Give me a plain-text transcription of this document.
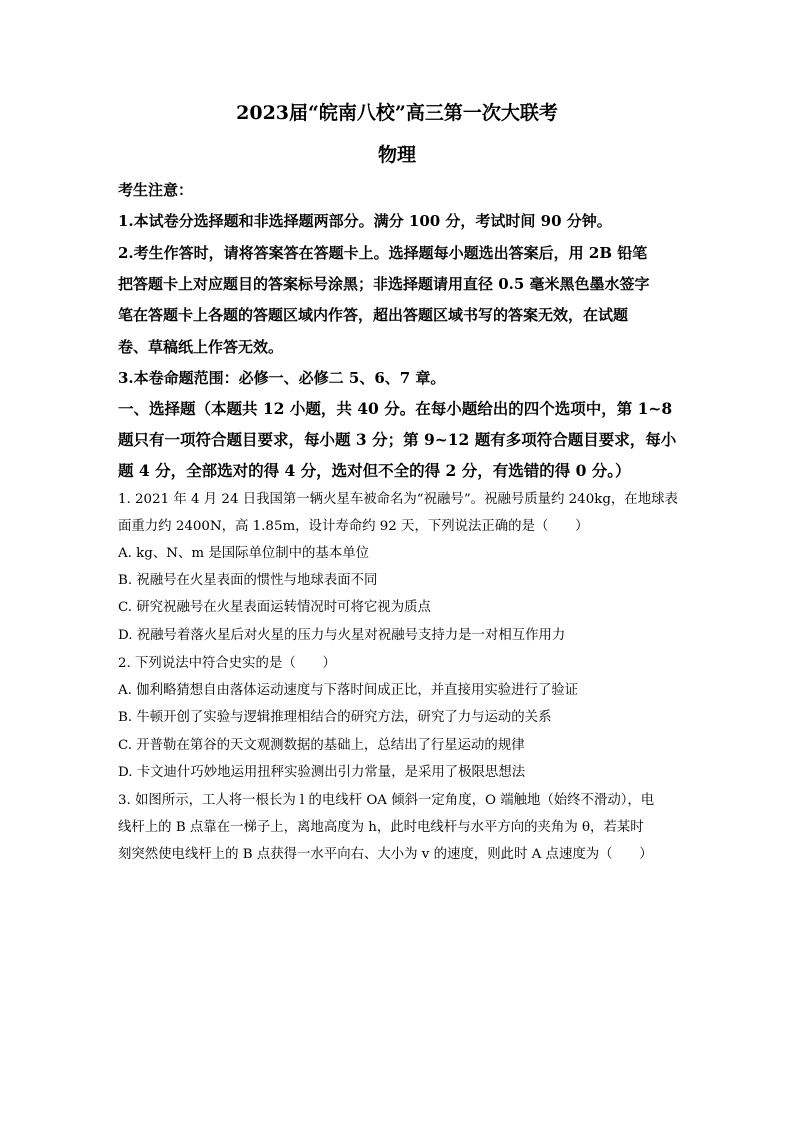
2023届“皖南八校”高三第一次大联考
物理
考生注意：
1.本试卷分选择题和非选择题两部分。满分 100 分，考试时间 90 分钟。
2.考生作答时，请将答案答在答题卡上。选择题每小题选出答案后，用 2B 铅笔
把答题卡上对应题目的答案标号涂黑；非选择题请用直径 0.5 毫米黑色墨水签字
笔在答题卡上各题的答题区域内作答，超出答题区域书写的答案无效，在试题
卷、草稿纸上作答无效。
3.本卷命题范围：必修一、必修二 5、6、7 章。
一、选择题（本题共 12 小题，共 40 分。在每小题给出的四个选项中，第 1~8
题只有一项符合题目要求，每小题 3 分；第 9~12 题有多项符合题目要求，每小
题 4 分，全部选对的得 4 分，选对但不全的得 2 分，有选错的得 0 分。）
1. 2021 年 4 月 24 日我国第一辆火星车被命名为“祝融号”。祝融号质量约 240kg，在地球表
面重力约 2400N，高 1.85m，设计寿命约 92 天，下列说法正确的是（　　）
A. kg、N、m 是国际单位制中的基本单位
B. 祝融号在火星表面的惯性与地球表面不同
C. 研究祝融号在火星表面运转情况时可将它视为质点
D. 祝融号着落火星后对火星的压力与火星对祝融号支持力是一对相互作用力
2. 下列说法中符合史实的是（　　）
A. 伽利略猜想自由落体运动速度与下落时间成正比，并直接用实验进行了验证
B. 牛顿开创了实验与逻辑推理相结合的研究方法，研究了力与运动的关系
C. 开普勒在第谷的天文观测数据的基础上，总结出了行星运动的规律
D. 卡文迪什巧妙地运用扭秤实验测出引力常量，是采用了极限思想法
3. 如图所示，工人将一根长为 l 的电线杆 OA 倾斜一定角度，O 端触地（始终不滑动），电
线杆上的 B 点靠在一梯子上，离地高度为 h，此时电线杆与水平方向的夹角为 θ，若某时
刻突然使电线杆上的 B 点获得一水平向右、大小为 v 的速度，则此时 A 点速度为（　　）
